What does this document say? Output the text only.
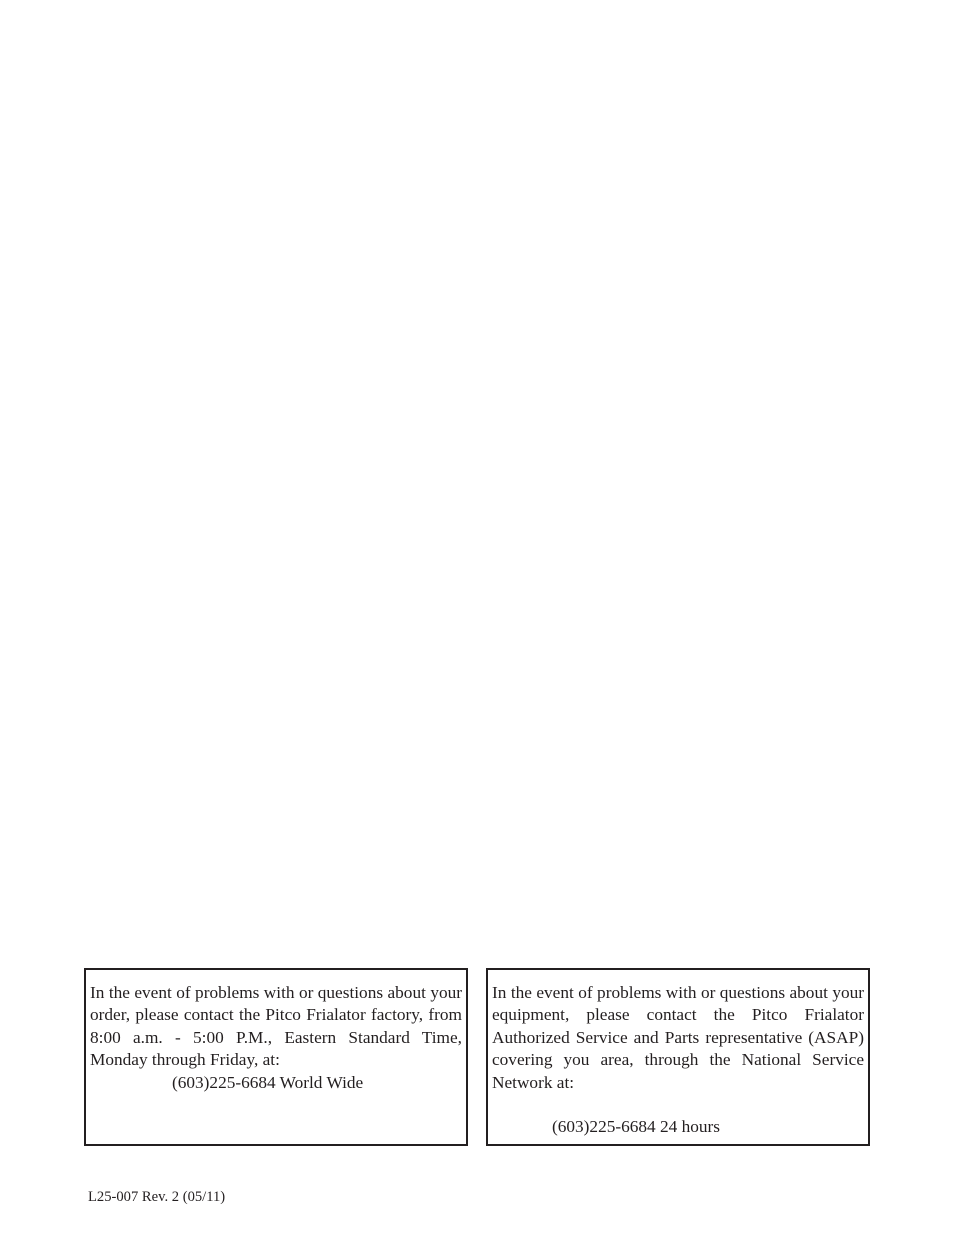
In the event of problems with or questions about your order, please contact the Pitco Frialator factory, from 8:00 a.m. - 5:00 P.M., Eastern Standard Time, Monday through Friday, at:

(603)225-6684 World Wide

In the event of problems with or questions about your equipment, please contact the Pitco Frialator Authorized Service and Parts representative (ASAP) covering you area, through the National Service Network at:

(603)225-6684 24 hours
L25-007 Rev. 2 (05/11)
